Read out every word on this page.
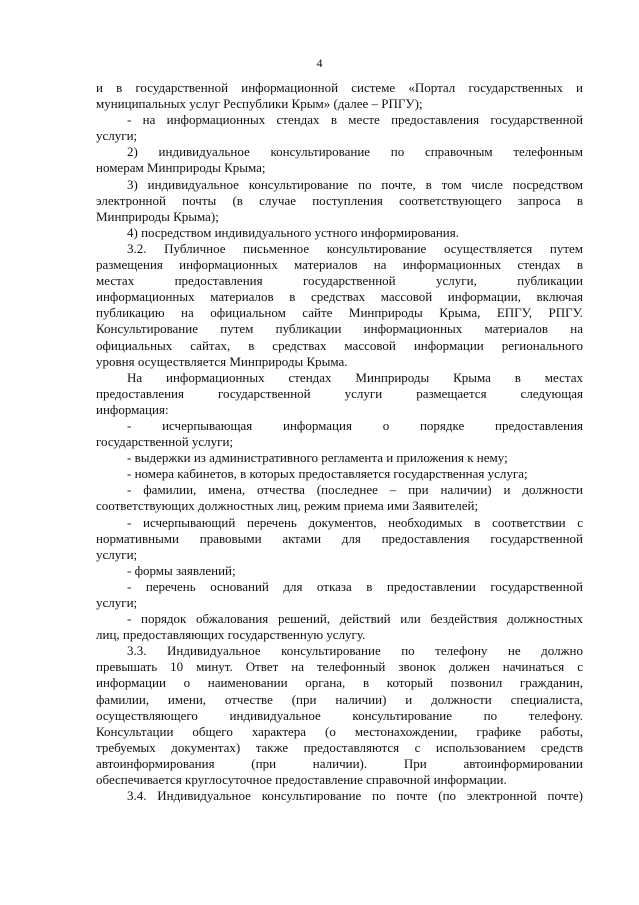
4
и в государственной информационной системе «Портал государственных и
муниципальных услуг Республики Крым» (далее – РПГУ);
- на информационных стендах в месте предоставления государственной
услуги;
2) индивидуальное консультирование по справочным телефонным
номерам Минприроды Крыма;
3) индивидуальное консультирование по почте, в том числе посредством
электронной почты (в случае поступления соответствующего запроса в
Минприроды Крыма);
4) посредством индивидуального устного информирования.
3.2. Публичное письменное консультирование осуществляется путем
размещения информационных материалов на информационных стендах в
местах предоставления государственной услуги, публикации
информационных материалов в средствах массовой информации, включая
публикацию на официальном сайте Минприроды Крыма, ЕПГУ, РПГУ.
Консультирование путем публикации информационных материалов на
официальных сайтах, в средствах массовой информации регионального
уровня осуществляется Минприроды Крыма.
На информационных стендах Минприроды Крыма в местах
предоставления государственной услуги размещается следующая
информация:
- исчерпывающая информация о порядке предоставления
государственной услуги;
- выдержки из административного регламента и приложения к нему;
- номера кабинетов, в которых предоставляется государственная услуга;
- фамилии, имена, отчества (последнее – при наличии) и должности
соответствующих должностных лиц, режим приема ими Заявителей;
- исчерпывающий перечень документов, необходимых в соответствии с
нормативными правовыми актами для предоставления государственной
услуги;
- формы заявлений;
- перечень оснований для отказа в предоставлении государственной
услуги;
- порядок обжалования решений, действий или бездействия должностных
лиц, предоставляющих государственную услугу.
3.3. Индивидуальное консультирование по телефону не должно
превышать 10 минут. Ответ на телефонный звонок должен начинаться с
информации о наименовании органа, в который позвонил гражданин,
фамилии, имени, отчестве (при наличии) и должности специалиста,
осуществляющего индивидуальное консультирование по телефону.
Консультации общего характера (о местонахождении, графике работы,
требуемых документах) также предоставляются с использованием средств
автоинформирования (при наличии). При автоинформировании
обеспечивается круглосуточное предоставление справочной информации.
3.4. Индивидуальное консультирование по почте (по электронной почте)
